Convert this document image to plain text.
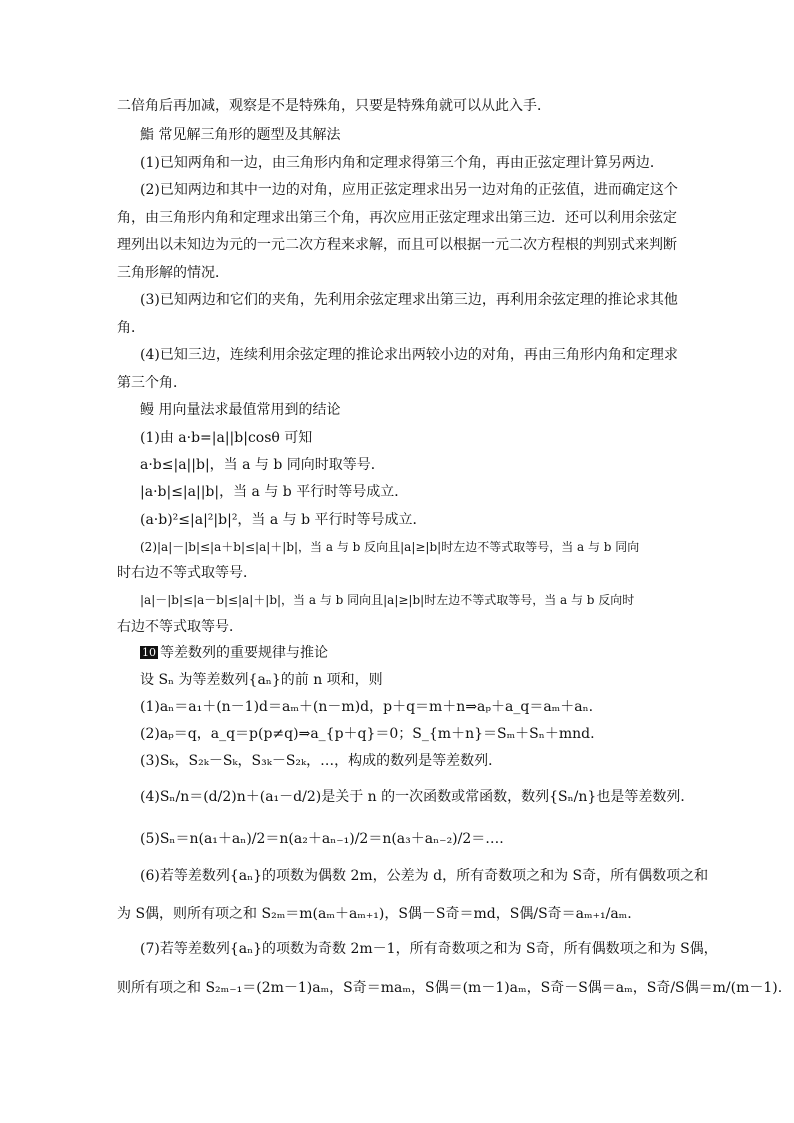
二倍角后再加减，观察是不是特殊角，只要是特殊角就可以从此入手．
鮨 常见解三角形的题型及其解法
(1)已知两角和一边，由三角形内角和定理求得第三个角，再由正弦定理计算另两边．
(2)已知两边和其中一边的对角，应用正弦定理求出另一边对角的正弦值，进而确定这个
角，由三角形内角和定理求出第三个角，再次应用正弦定理求出第三边．还可以利用余弦定
理列出以未知边为元的一元二次方程来求解，而且可以根据一元二次方程根的判别式来判断
三角形解的情况．
(3)已知两边和它们的夹角，先利用余弦定理求出第三边，再利用余弦定理的推论求其他
角．
(4)已知三边，连续利用余弦定理的推论求出两较小边的对角，再由三角形内角和定理求
第三个角．
鳗 用向量法求最值常用到的结论
(1)由 a·b=|a||b|cosθ 可知
a·b≤|a||b|，当 a 与 b 同向时取等号．
|a·b|≤|a||b|，当 a 与 b 平行时等号成立．
(a·b)²≤|a|²|b|²，当 a 与 b 平行时等号成立．
(2)|a|－|b|≤|a＋b|≤|a|＋|b|，当 a 与 b 反向且|a|≥|b|时左边不等式取等号，当 a 与 b 同向
时右边不等式取等号．
|a|－|b|≤|a－b|≤|a|＋|b|，当 a 与 b 同向且|a|≥|b|时左边不等式取等号，当 a 与 b 反向时
右边不等式取等号．
10 等差数列的重要规律与推论
设 Sₙ 为等差数列{aₙ}的前 n 项和，则
(1)aₙ＝a₁＋(n－1)d＝aₘ＋(n－m)d，p＋q＝m＋n⇒aₚ＋a_q＝aₘ＋aₙ.
(2)aₚ＝q，a_q＝p(p≠q)⇒a_{p＋q}＝0；S_{m＋n}＝Sₘ＋Sₙ＋mnd.
(3)Sₖ，S₂ₖ－Sₖ，S₃ₖ－S₂ₖ，…，构成的数列是等差数列．
(4)Sₙ/n＝(d/2)n＋(a₁－d/2)是关于 n 的一次函数或常函数，数列{Sₙ/n}也是等差数列．
(5)Sₙ＝n(a₁＋aₙ)/2＝n(a₂＋aₙ₋₁)/2＝n(a₃＋aₙ₋₂)/2＝….
(6)若等差数列{aₙ}的项数为偶数 2m，公差为 d，所有奇数项之和为 S奇，所有偶数项之和
为 S偶，则所有项之和 S₂ₘ＝m(aₘ＋aₘ₊₁)，S偶－S奇＝md，S偶/S奇＝aₘ₊₁/aₘ.
(7)若等差数列{aₙ}的项数为奇数 2m－1，所有奇数项之和为 S奇，所有偶数项之和为 S偶，
则所有项之和 S₂ₘ₋₁＝(2m－1)aₘ，S奇＝maₘ，S偶＝(m－1)aₘ，S奇－S偶＝aₘ，S奇/S偶＝m/(m－1).
